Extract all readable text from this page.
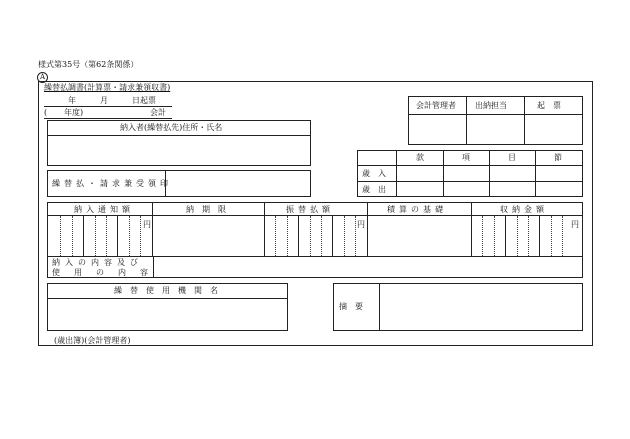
様式第35号（第62条関係）
A
繰替払調書(計算票・請求兼領収書)
年	月	日起票
( 年度)	会計
会計管理者 出納担当	起　票
納入者(繰替払先)住所・氏名
繰替払・請求兼受領印
款	項	目	節
歳　入
歳　出
納入通知額	納期限	振替払額	積算の基礎	収納金額
円	円	円
納入の内容及び
使用の内容
繰替使用機関名
摘　要
(歳出簿)(会計管理者)
